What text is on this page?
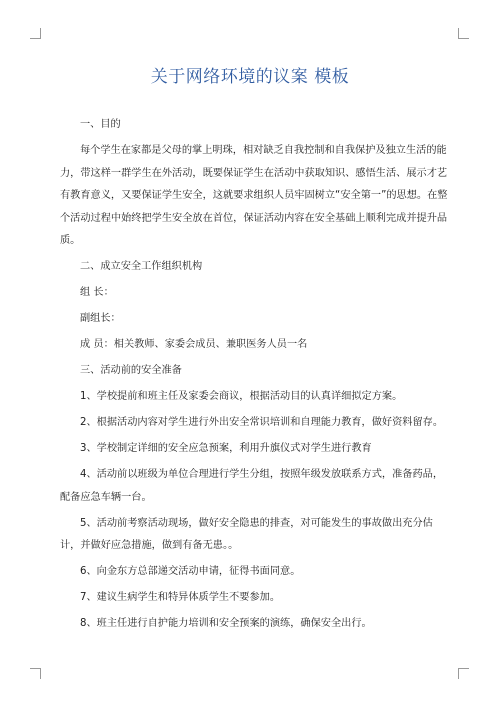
关于网络环境的议案 模板

一、目的

每个学生在家都是父母的掌上明珠，相对缺乏自我控制和自我保护及独立生活的能力，带这样一群学生在外活动，既要保证学生在活动中获取知识、感悟生活、展示才艺有教育意义，又要保证学生安全，这就要求组织人员牢固树立“安全第一”的思想。在整个活动过程中始终把学生安全放在首位，保证活动内容在安全基础上顺利完成并提升品质。

二、成立安全工作组织机构

组 长：

副组长：

成 员：相关教师、家委会成员、兼职医务人员一名

三、活动前的安全准备

1、学校提前和班主任及家委会商议，根据活动目的认真详细拟定方案。

2、根据活动内容对学生进行外出安全常识培训和自理能力教育，做好资料留存。

3、学校制定详细的安全应急预案，利用升旗仪式对学生进行教育

4、活动前以班级为单位合理进行学生分组，按照年级发放联系方式，准备药品，配备应急车辆一台。

5、活动前考察活动现场，做好安全隐患的排查，对可能发生的事故做出充分估计，并做好应急措施，做到有备无患。。

6、向金东方总部递交活动申请，征得书面同意。

7、建议生病学生和特异体质学生不要参加。

8、班主任进行自护能力培训和安全预案的演练，确保安全出行。
